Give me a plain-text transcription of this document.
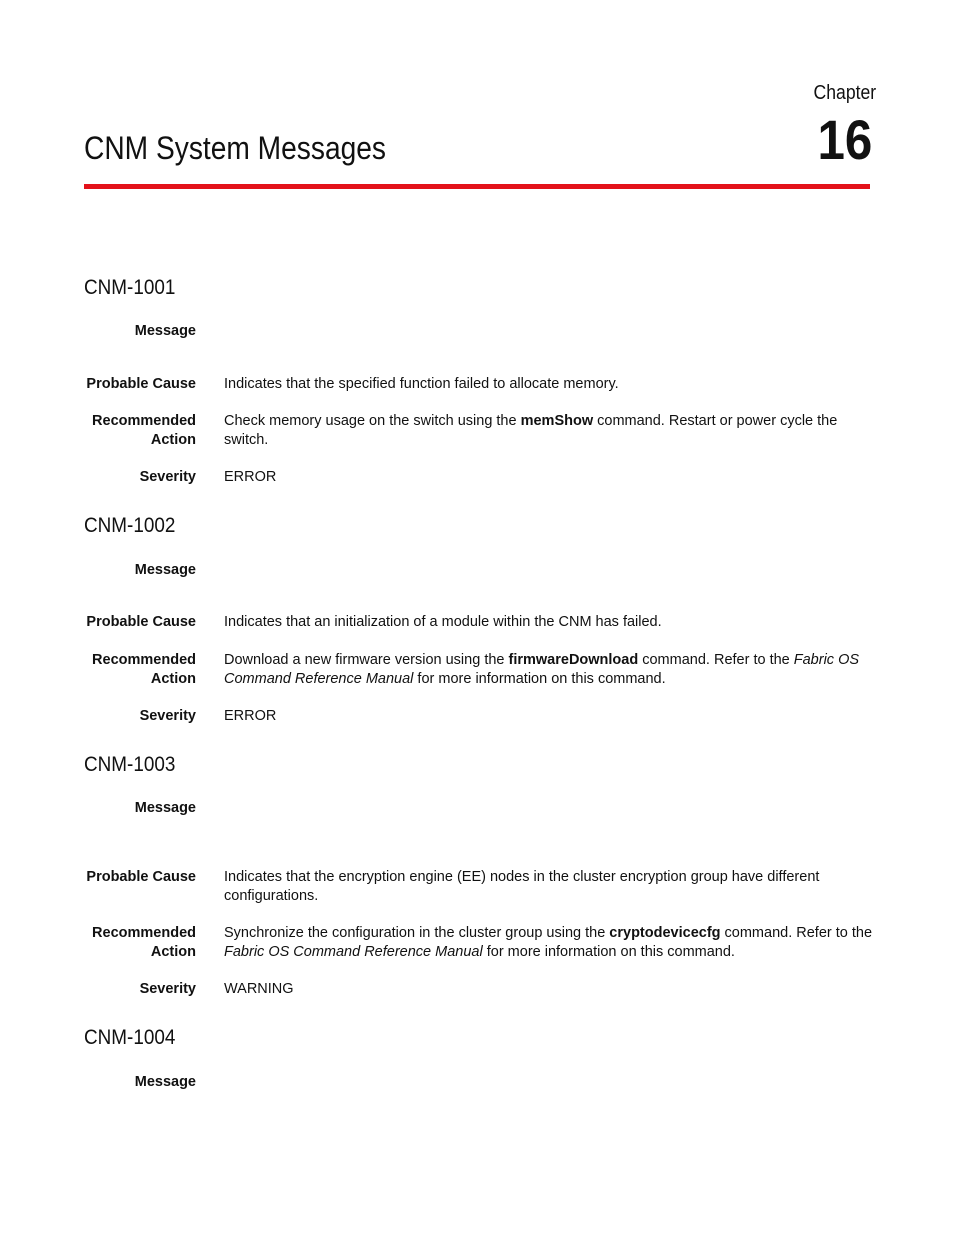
Chapter
16
CNM System Messages
CNM-1001
Message
Probable Cause Indicates that the specified function failed to allocate memory.
Recommended
Action
Check memory usage on the switch using the memShow command. Restart or power cycle the switch.
Severity ERROR
CNM-1002
Message
Probable Cause Indicates that an initialization of a module within the CNM has failed.
Recommended
Action
Download a new firmware version using the firmwareDownload command. Refer to the Fabric OS Command Reference Manual for more information on this command.
Severity ERROR
CNM-1003
Message
Probable Cause Indicates that the encryption engine (EE) nodes in the cluster encryption group have different configurations.
Recommended
Action
Synchronize the configuration in the cluster group using the cryptodevicecfg command. Refer to the Fabric OS Command Reference Manual for more information on this command.
Severity WARNING
CNM-1004
Message
